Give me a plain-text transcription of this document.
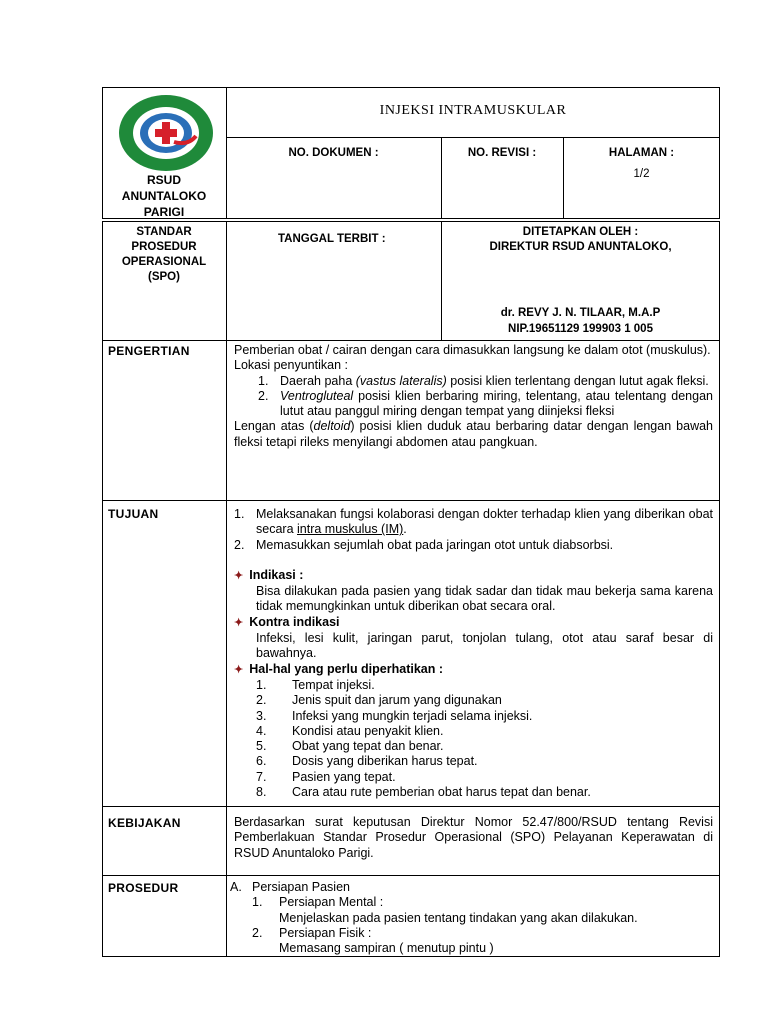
RSUD
ANUNTALOKO
PARIGI
INJEKSI INTRAMUSKULAR
NO. DOKUMEN :	NO. REVISI :	HALAMAN :
1/2
STANDAR
PROSEDUR
OPERASIONAL
(SPO)
TANGGAL TERBIT :
DITETAPKAN OLEH :
DIREKTUR RSUD ANUNTALOKO,
dr. REVY J. N. TILAAR, M.A.P
NIP.19651129 199903 1 005
PENGERTIAN	Pemberian obat / cairan dengan cara dimasukkan langsung ke dalam otot (muskulus).
Lokasi penyuntikan :
1. Daerah paha (vastus lateralis) posisi klien terlentang dengan lutut agak fleksi.
2. Ventrogluteal posisi klien berbaring miring, telentang, atau telentang dengan lutut atau panggul miring dengan tempat yang diinjeksi fleksi
Lengan atas (deltoid) posisi klien duduk atau berbaring datar dengan lengan bawah fleksi tetapi rileks menyilangi abdomen atau pangkuan.
TUJUAN	1. Melaksanakan fungsi kolaborasi dengan dokter terhadap klien yang diberikan obat secara intra muskulus (IM).
2. Memasukkan sejumlah obat pada jaringan otot untuk diabsorbsi.
✦ Indikasi :
Bisa dilakukan pada pasien yang tidak sadar dan tidak mau bekerja sama karena tidak memungkinkan untuk diberikan obat secara oral.
✦ Kontra indikasi
Infeksi, lesi kulit, jaringan parut, tonjolan tulang, otot atau saraf besar di bawahnya.
✦ Hal-hal yang perlu diperhatikan :
1.	Tempat injeksi.
2.	Jenis spuit dan jarum yang digunakan
3.	Infeksi yang mungkin terjadi selama injeksi.
4.	Kondisi atau penyakit klien.
5.	Obat yang tepat dan benar.
6.	Dosis yang diberikan harus tepat.
7.	Pasien yang tepat.
8.	Cara atau rute pemberian obat harus tepat dan benar.
KEBIJAKAN	Berdasarkan surat keputusan Direktur Nomor 52.47/800/RSUD tentang Revisi Pemberlakuan Standar Prosedur Operasional (SPO) Pelayanan Keperawatan di RSUD Anuntaloko Parigi.
PROSEDUR	A. Persiapan Pasien
1.	Persiapan Mental :
Menjelaskan pada pasien tentang tindakan yang akan dilakukan.
2.	Persiapan Fisik :
Memasang sampiran ( menutup pintu )
